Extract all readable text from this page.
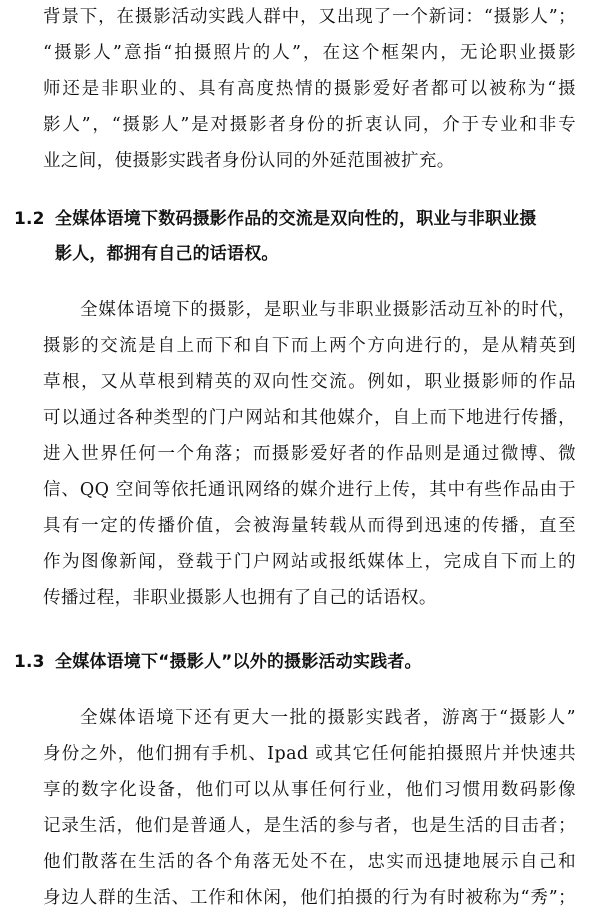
背景下，在摄影活动实践人群中，又出现了一个新词：“摄影人”；
“摄影人”意指“拍摄照片的人”，在这个框架内，无论职业摄影
师还是非职业的、具有高度热情的摄影爱好者都可以被称为“摄
影人”，“摄影人”是对摄影者身份的折衷认同，介于专业和非专
业之间，使摄影实践者身份认同的外延范围被扩充。
1.2 全媒体语境下数码摄影作品的交流是双向性的，职业与非职业摄
影人，都拥有自己的话语权。
全媒体语境下的摄影，是职业与非职业摄影活动互补的时代，
摄影的交流是自上而下和自下而上两个方向进行的，是从精英到
草根，又从草根到精英的双向性交流。例如，职业摄影师的作品
可以通过各种类型的门户网站和其他媒介，自上而下地进行传播，
进入世界任何一个角落；而摄影爱好者的作品则是通过微博、微
信、QQ 空间等依托通讯网络的媒介进行上传，其中有些作品由于
具有一定的传播价值，会被海量转载从而得到迅速的传播，直至
作为图像新闻，登载于门户网站或报纸媒体上，完成自下而上的
传播过程，非职业摄影人也拥有了自己的话语权。
1.3 全媒体语境下“摄影人”以外的摄影活动实践者。
全媒体语境下还有更大一批的摄影实践者，游离于“摄影人”
身份之外，他们拥有手机、Ipad 或其它任何能拍摄照片并快速共
享的数字化设备，他们可以从事任何行业，他们习惯用数码影像
记录生活，他们是普通人，是生活的参与者，也是生活的目击者；
他们散落在生活的各个角落无处不在，忠实而迅捷地展示自己和
身边人群的生活、工作和休闲，他们拍摄的行为有时被称为“秀”；
